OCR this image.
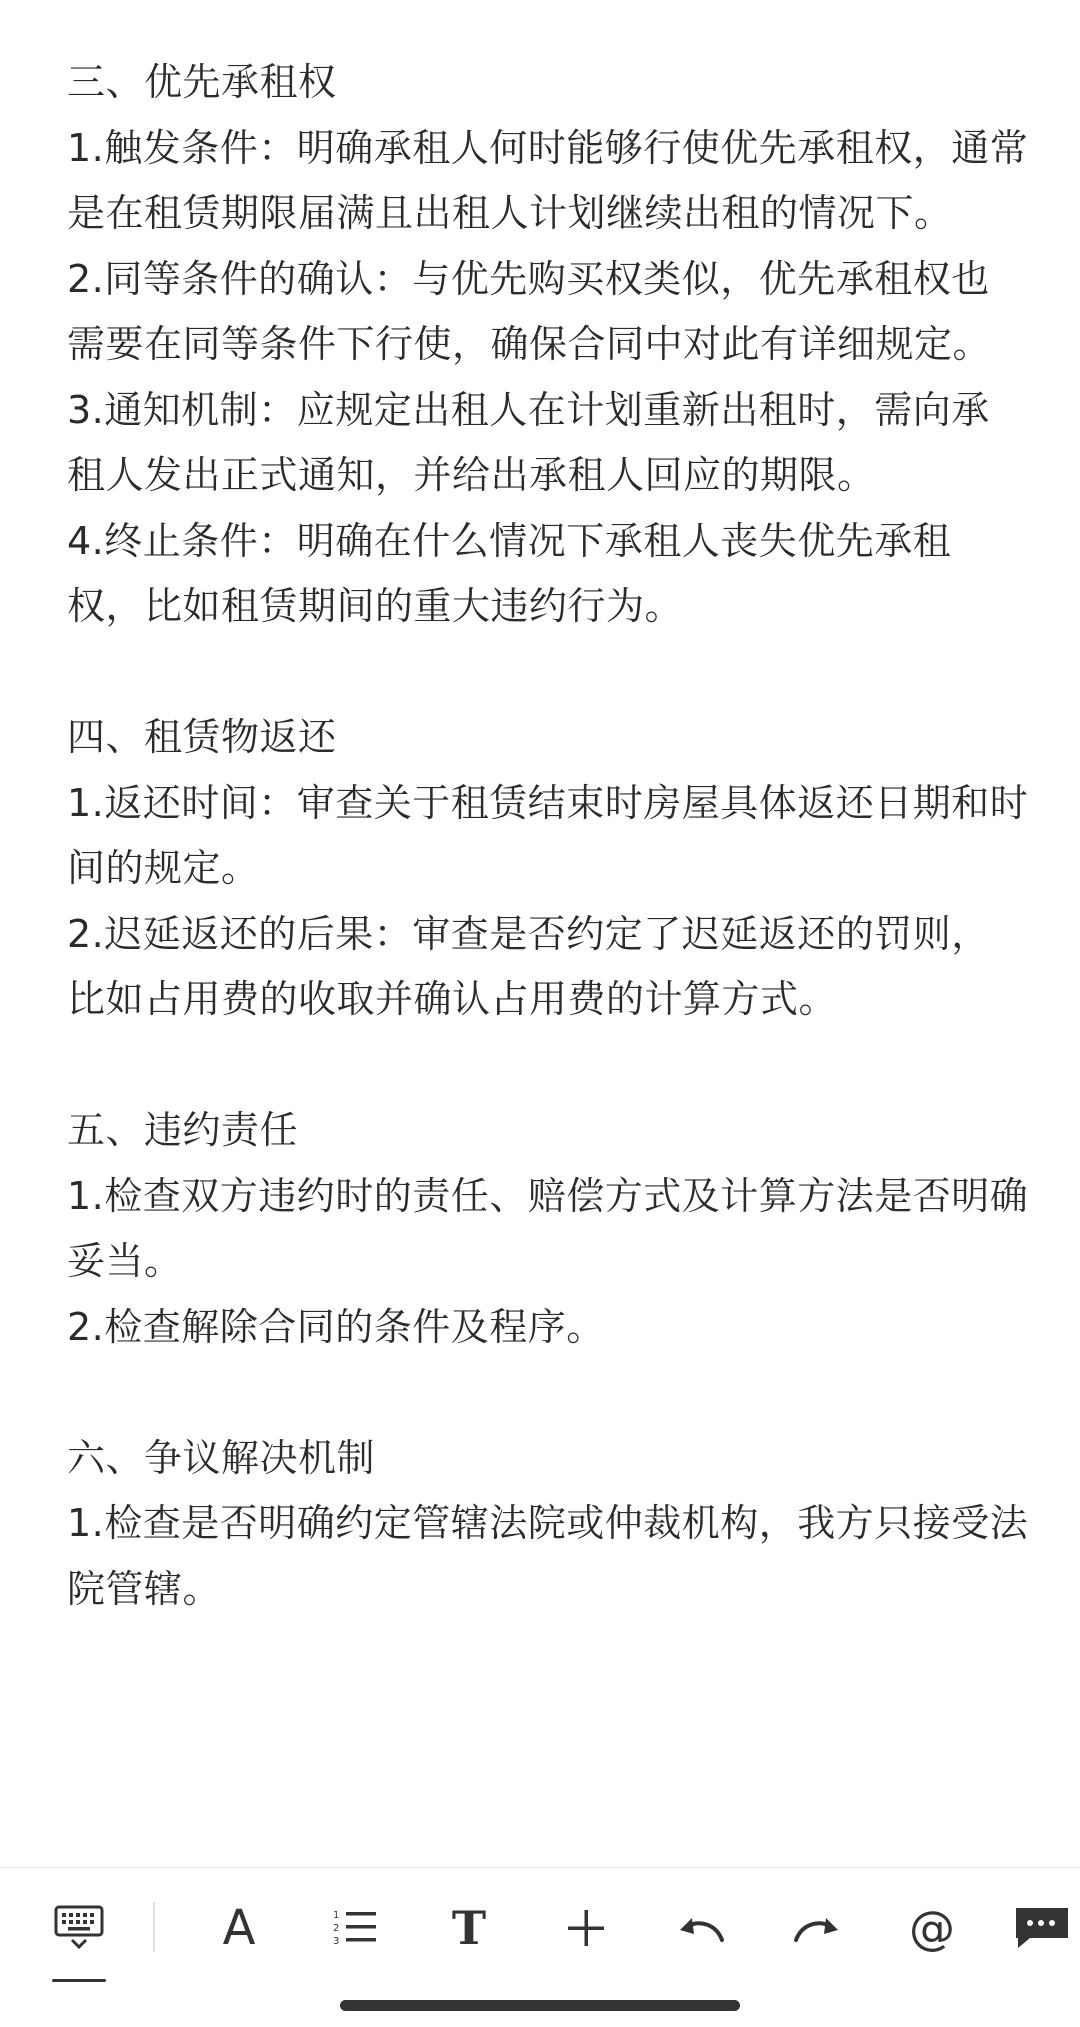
三、优先承租权
1.触发条件：明确承租人何时能够行使优先承租权，通常
是在租赁期限届满且出租人计划继续出租的情况下。
2.同等条件的确认：与优先购买权类似，优先承租权也
需要在同等条件下行使，确保合同中对此有详细规定。
3.通知机制：应规定出租人在计划重新出租时，需向承
租人发出正式通知，并给出承租人回应的期限。
4.终止条件：明确在什么情况下承租人丧失优先承租
权，比如租赁期间的重大违约行为。
四、租赁物返还
1.返还时间：审查关于租赁结束时房屋具体返还日期和时
间的规定。
2.迟延返还的后果：审查是否约定了迟延返还的罚则，
比如占用费的收取并确认占用费的计算方式。
五、违约责任
1.检查双方违约时的责任、赔偿方式及计算方法是否明确
妥当。
2.检查解除合同的条件及程序。
六、争议解决机制
1.检查是否明确约定管辖法院或仲裁机构，我方只接受法
院管辖。
A	1
2
3 T	@
